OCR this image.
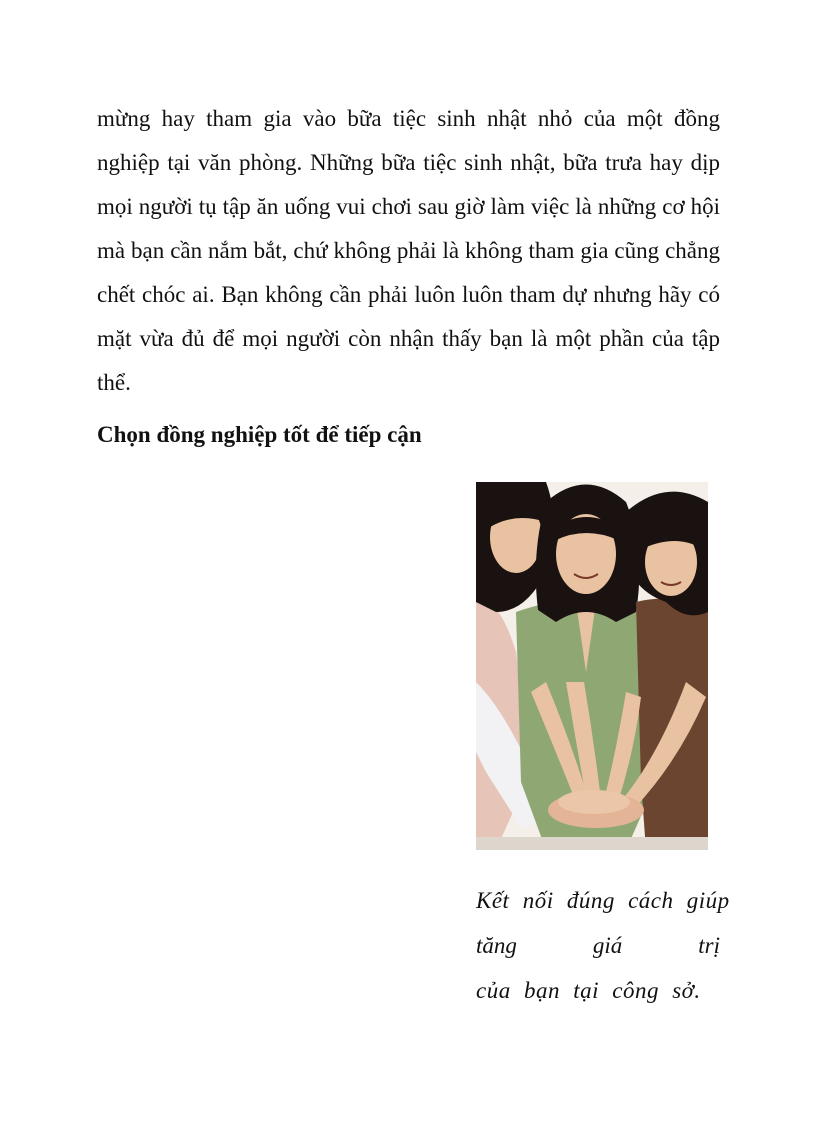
mừng hay tham gia vào bữa tiệc sinh nhật nhỏ của một đồng nghiệp tại văn phòng. Những bữa tiệc sinh nhật, bữa trưa hay dịp mọi người tụ tập ăn uống vui chơi sau giờ làm việc là những cơ hội mà bạn cần nắm bắt, chứ không phải là không tham gia cũng chẳng chết chóc ai. Bạn không cần phải luôn luôn tham dự nhưng hãy có mặt vừa đủ để mọi người còn nhận thấy bạn là một phần của tập thể.

Chọn đồng nghiệp tốt để tiếp cận
Kết nối đúng cách giúp
tăng	giá	trị
của bạn tại công sở.
